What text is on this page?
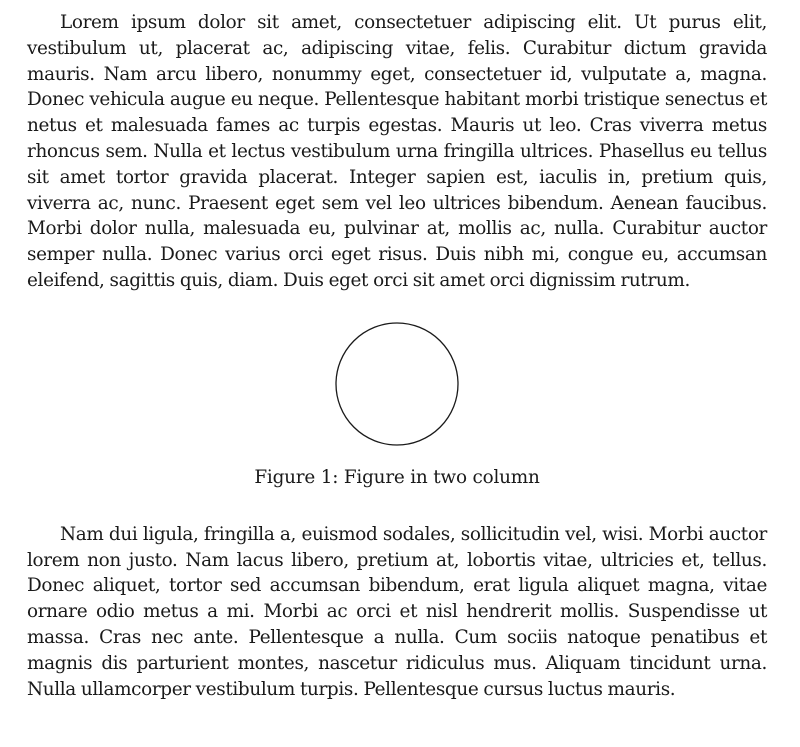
Lorem ipsum dolor sit amet, consectetuer adipiscing elit. Ut purus elit, vestibulum ut, placerat ac, adipiscing vitae, felis. Curabitur dictum gravida mauris. Nam arcu libero, nonummy eget, consectetuer id, vulputate a, magna. Donec vehicula augue eu neque. Pellentesque habitant morbi tristique senectus et netus et malesuada fames ac turpis egestas. Mauris ut leo. Cras viverra metus rhoncus sem. Nulla et lectus vestibulum urna fringilla ultrices. Phasellus eu tellus sit amet tortor gravida placerat. Integer sapien est, iaculis in, pretium quis, viverra ac, nunc. Praesent eget sem vel leo ultrices bibendum. Aenean faucibus. Morbi dolor nulla, malesuada eu, pulvinar at, mollis ac, nulla. Curabitur auctor semper nulla. Donec varius orci eget risus. Duis nibh mi, congue eu, accumsan eleifend, sagittis quis, diam. Duis eget orci sit amet orci dignissim rutrum.

Figure 1: Figure in two column

Nam dui ligula, fringilla a, euismod sodales, sollicitudin vel, wisi. Morbi auctor lorem non justo. Nam lacus libero, pretium at, lobortis vitae, ultricies et, tellus. Donec aliquet, tortor sed accumsan bibendum, erat ligula aliquet magna, vitae ornare odio metus a mi. Morbi ac orci et nisl hendrerit mollis. Suspendisse ut massa. Cras nec ante. Pellentesque a nulla. Cum sociis natoque penatibus et magnis dis parturient montes, nascetur ridiculus mus. Aliquam tincidunt urna. Nulla ullamcorper vestibulum turpis. Pellentesque cursus luctus mauris.
